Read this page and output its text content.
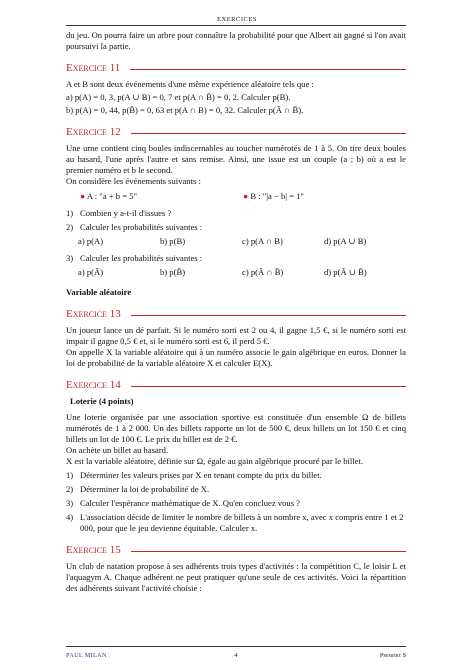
EXERCICES

du jeu. On pourra faire un arbre pour connaître la probabilité pour que Albert ait gagné si l'on avait poursuivi la partie.

Exercice 11

A et B sont deux événements d'une même expérience aléatoire tels que :

a) p(A) = 0, 3, p(A ∪ B) = 0, 7 et p(A ∩ B̄) = 0, 2. Calculer p(B).

b) p(A) = 0, 44, p(B̄) = 0, 63 et p(A ∩ B) = 0, 32. Calculer p(Ā ∩ B̄).

Exercice 12

Une urne contient cinq boules indiscernables au toucher numérotés de 1 à 5. On tire deux boules au hasard, l'une après l'autre et sans remise. Ainsi, une issue est un couple (a ; b) où a est le premier numéro et b le second.

On considère les événements suivants :

● A : "a + b = 5"	● B : "|a − b| = 1"
1) Combien y a-t-il d'issues ?
2) Calculer les probabilités suivantes :
a) p(A)	b) p(B)	c) p(A ∩ B)	d) p(A ∪ B)
3) Calculer les probabilités suivantes :
a) p(Ā)	b) p(B̄)	c) p(Ā ∩ B̄)	d) p(Ā ∪ B̄)

Variable aléatoire

Exercice 13

Un joueur lance un dé parfait. Si le numéro sorti est 2 ou 4, il gagne 1,5 €, si le numéro sorti est impair il gagne 0,5 € et, si le numéro sorti est 6, il perd 5 €.

On appelle X la variable aléatoire qui à un numéro associe le gain algébrique en euros. Donner la loi de probabilité de la variable aléatoire X et calculer E(X).

Exercice 14

Loterie (4 points)

Une loterie organisée par une association sportive est constituée d'un ensemble Ω de billets numérotés de 1 à 2 000. Un des billets rapporte un lot de 500 €, deux billets un lot 150 € et cinq billets un lot de 100 €. Le prix du billet est de 2 €.

On achète un billet au hasard.

X est la variable aléatoire, définie sur Ω, égale au gain algébrique procuré par le billet.

1) Déterminer les valeurs prises par X en tenant compte du prix du billet.
2) Déterminer la loi de probabilité de X.
3) Calculer l'espérance mathématique de X. Qu'en concluez vous ?
4) L'association décide de limiter le nombre de billets à un nombre x, avec x compris entre 1 et 2 000, pour que le jeu devienne équitable. Calculer x.
Exercice 15

Un club de natation propose à ses adhérents trois types d'activités : la compétition C, le loisir L et l'aquagym A. Chaque adhérent ne peut pratiquer qu'une seule de ces activités. Voici la répartition des adhérents suivant l'activité choisie :

PAUL MILAN	4	Première S
